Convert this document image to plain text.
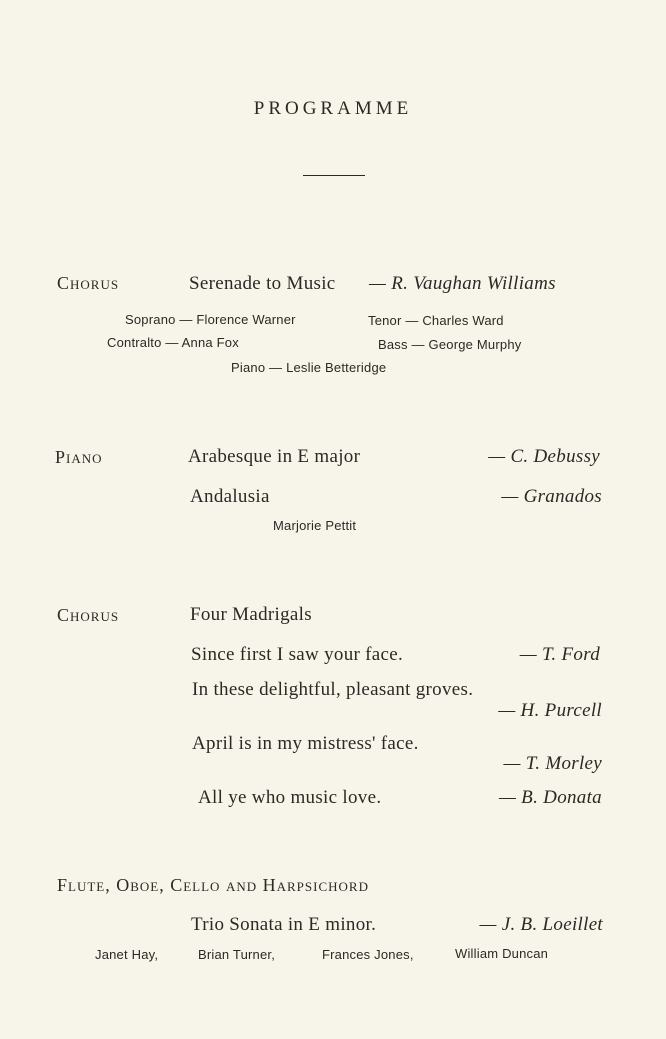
PROGRAMME
Chorus	Serenade to Music — R. Vaughan Williams
Soprano — Florence Warner	Tenor — Charles Ward
Contralto — Anna Fox	Bass — George Murphy
Piano — Leslie Betteridge
Piano	Arabesque in E major	— C. Debussy
Andalusia	— Granados
Marjorie Pettit
Chorus	Four Madrigals
Since first I saw your face.	— T. Ford
In these delightful, pleasant groves.
— H. Purcell
April is in my mistress' face.
— T. Morley
All ye who music love.	— B. Donata
Flute, Oboe, Cello and Harpsichord
Trio Sonata in E minor.	— J. B. Loeillet
Janet Hay,	Brian Turner,	Frances Jones,	William Duncan
